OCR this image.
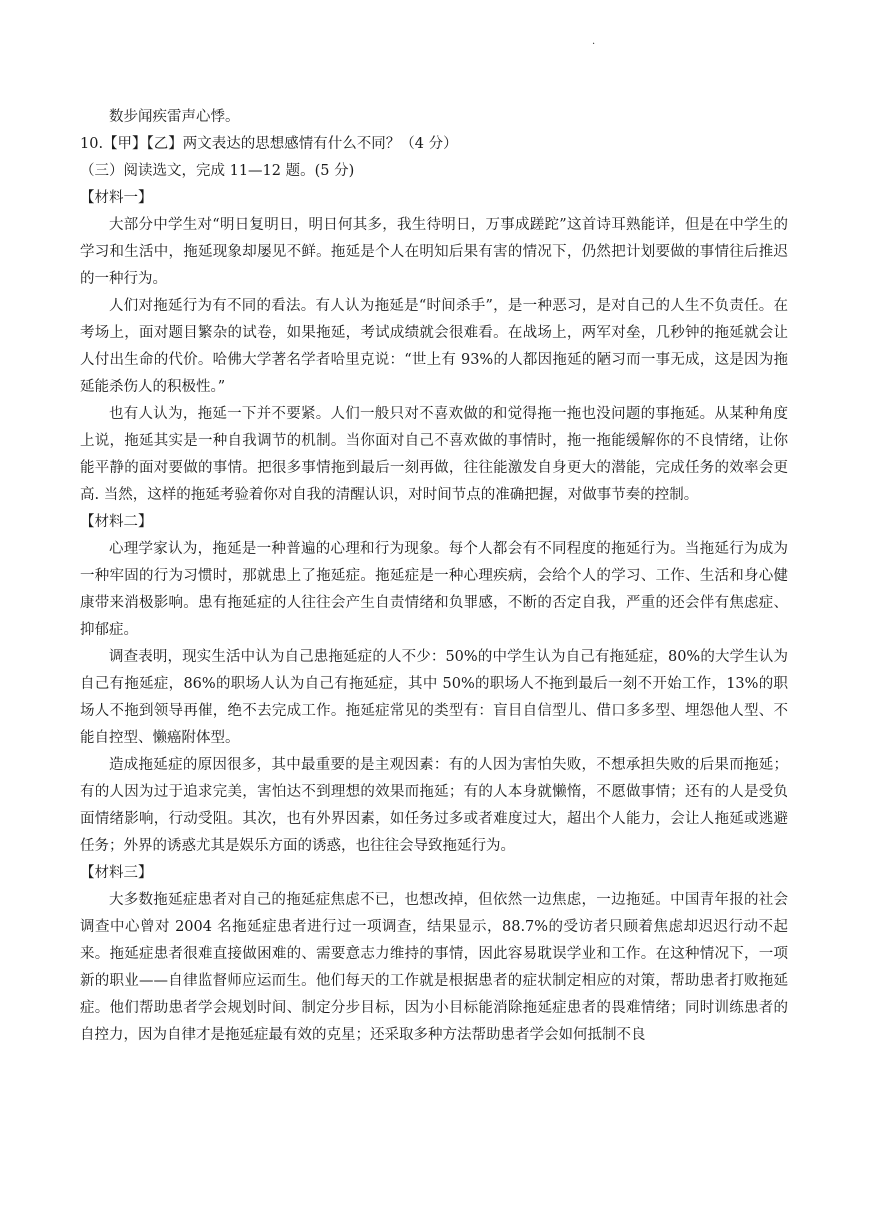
.

数步闻疾雷声心悸。

10.【甲】【乙】两文表达的思想感情有什么不同？（4 分）

（三）阅读选文，完成 11—12 题。(5 分)

【材料一】

大部分中学生对“明日复明日，明日何其多，我生待明日，万事成蹉跎”这首诗耳熟能详，但是在中学生的学习和生活中，拖延现象却屡见不鲜。拖延是个人在明知后果有害的情况下，仍然把计划要做的事情往后推迟的一种行为。

人们对拖延行为有不同的看法。有人认为拖延是“时间杀手”，是一种恶习，是对自己的人生不负责任。在考场上，面对题目繁杂的试卷，如果拖延，考试成绩就会很难看。在战场上，两军对垒，几秒钟的拖延就会让人付出生命的代价。哈佛大学著名学者哈里克说：“世上有 93%的人都因拖延的陋习而一事无成，这是因为拖延能杀伤人的积极性。”

也有人认为，拖延一下并不要紧。人们一般只对不喜欢做的和觉得拖一拖也没问题的事拖延。从某种角度上说，拖延其实是一种自我调节的机制。当你面对自己不喜欢做的事情时，拖一拖能缓解你的不良情绪，让你能平静的面对要做的事情。把很多事情拖到最后一刻再做，往往能激发自身更大的潜能，完成任务的效率会更高. 当然，这样的拖延考验着你对自我的清醒认识，对时间节点的准确把握，对做事节奏的控制。

【材料二】

心理学家认为，拖延是一种普遍的心理和行为现象。每个人都会有不同程度的拖延行为。当拖延行为成为一种牢固的行为习惯时，那就患上了拖延症。拖延症是一种心理疾病，会给个人的学习、工作、生活和身心健康带来消极影响。患有拖延症的人往往会产生自责情绪和负罪感，不断的否定自我，严重的还会伴有焦虑症、抑郁症。

调查表明，现实生活中认为自己患拖延症的人不少：50%的中学生认为自己有拖延症，80%的大学生认为自己有拖延症，86%的职场人认为自己有拖延症，其中 50%的职场人不拖到最后一刻不开始工作，13%的职场人不拖到领导再催，绝不去完成工作。拖延症常见的类型有：盲目自信型儿、借口多多型、埋怨他人型、不能自控型、懒癌附体型。

造成拖延症的原因很多，其中最重要的是主观因素：有的人因为害怕失败，不想承担失败的后果而拖延；有的人因为过于追求完美，害怕达不到理想的效果而拖延；有的人本身就懒惰，不愿做事情；还有的人是受负面情绪影响，行动受阻。其次，也有外界因素，如任务过多或者难度过大，超出个人能力，会让人拖延或逃避任务；外界的诱惑尤其是娱乐方面的诱惑，也往往会导致拖延行为。

【材料三】

大多数拖延症患者对自己的拖延症焦虑不已，也想改掉，但依然一边焦虑，一边拖延。中国青年报的社会调查中心曾对 2004 名拖延症患者进行过一项调查，结果显示，88.7%的受访者只顾着焦虑却迟迟行动不起来。拖延症患者很难直接做困难的、需要意志力维持的事情，因此容易耽误学业和工作。在这种情况下，一项新的职业——自律监督师应运而生。他们每天的工作就是根据患者的症状制定相应的对策，帮助患者打败拖延症。他们帮助患者学会规划时间、制定分步目标，因为小目标能消除拖延症患者的畏难情绪；同时训练患者的自控力，因为自律才是拖延症最有效的克星；还采取多种方法帮助患者学会如何抵制不良
